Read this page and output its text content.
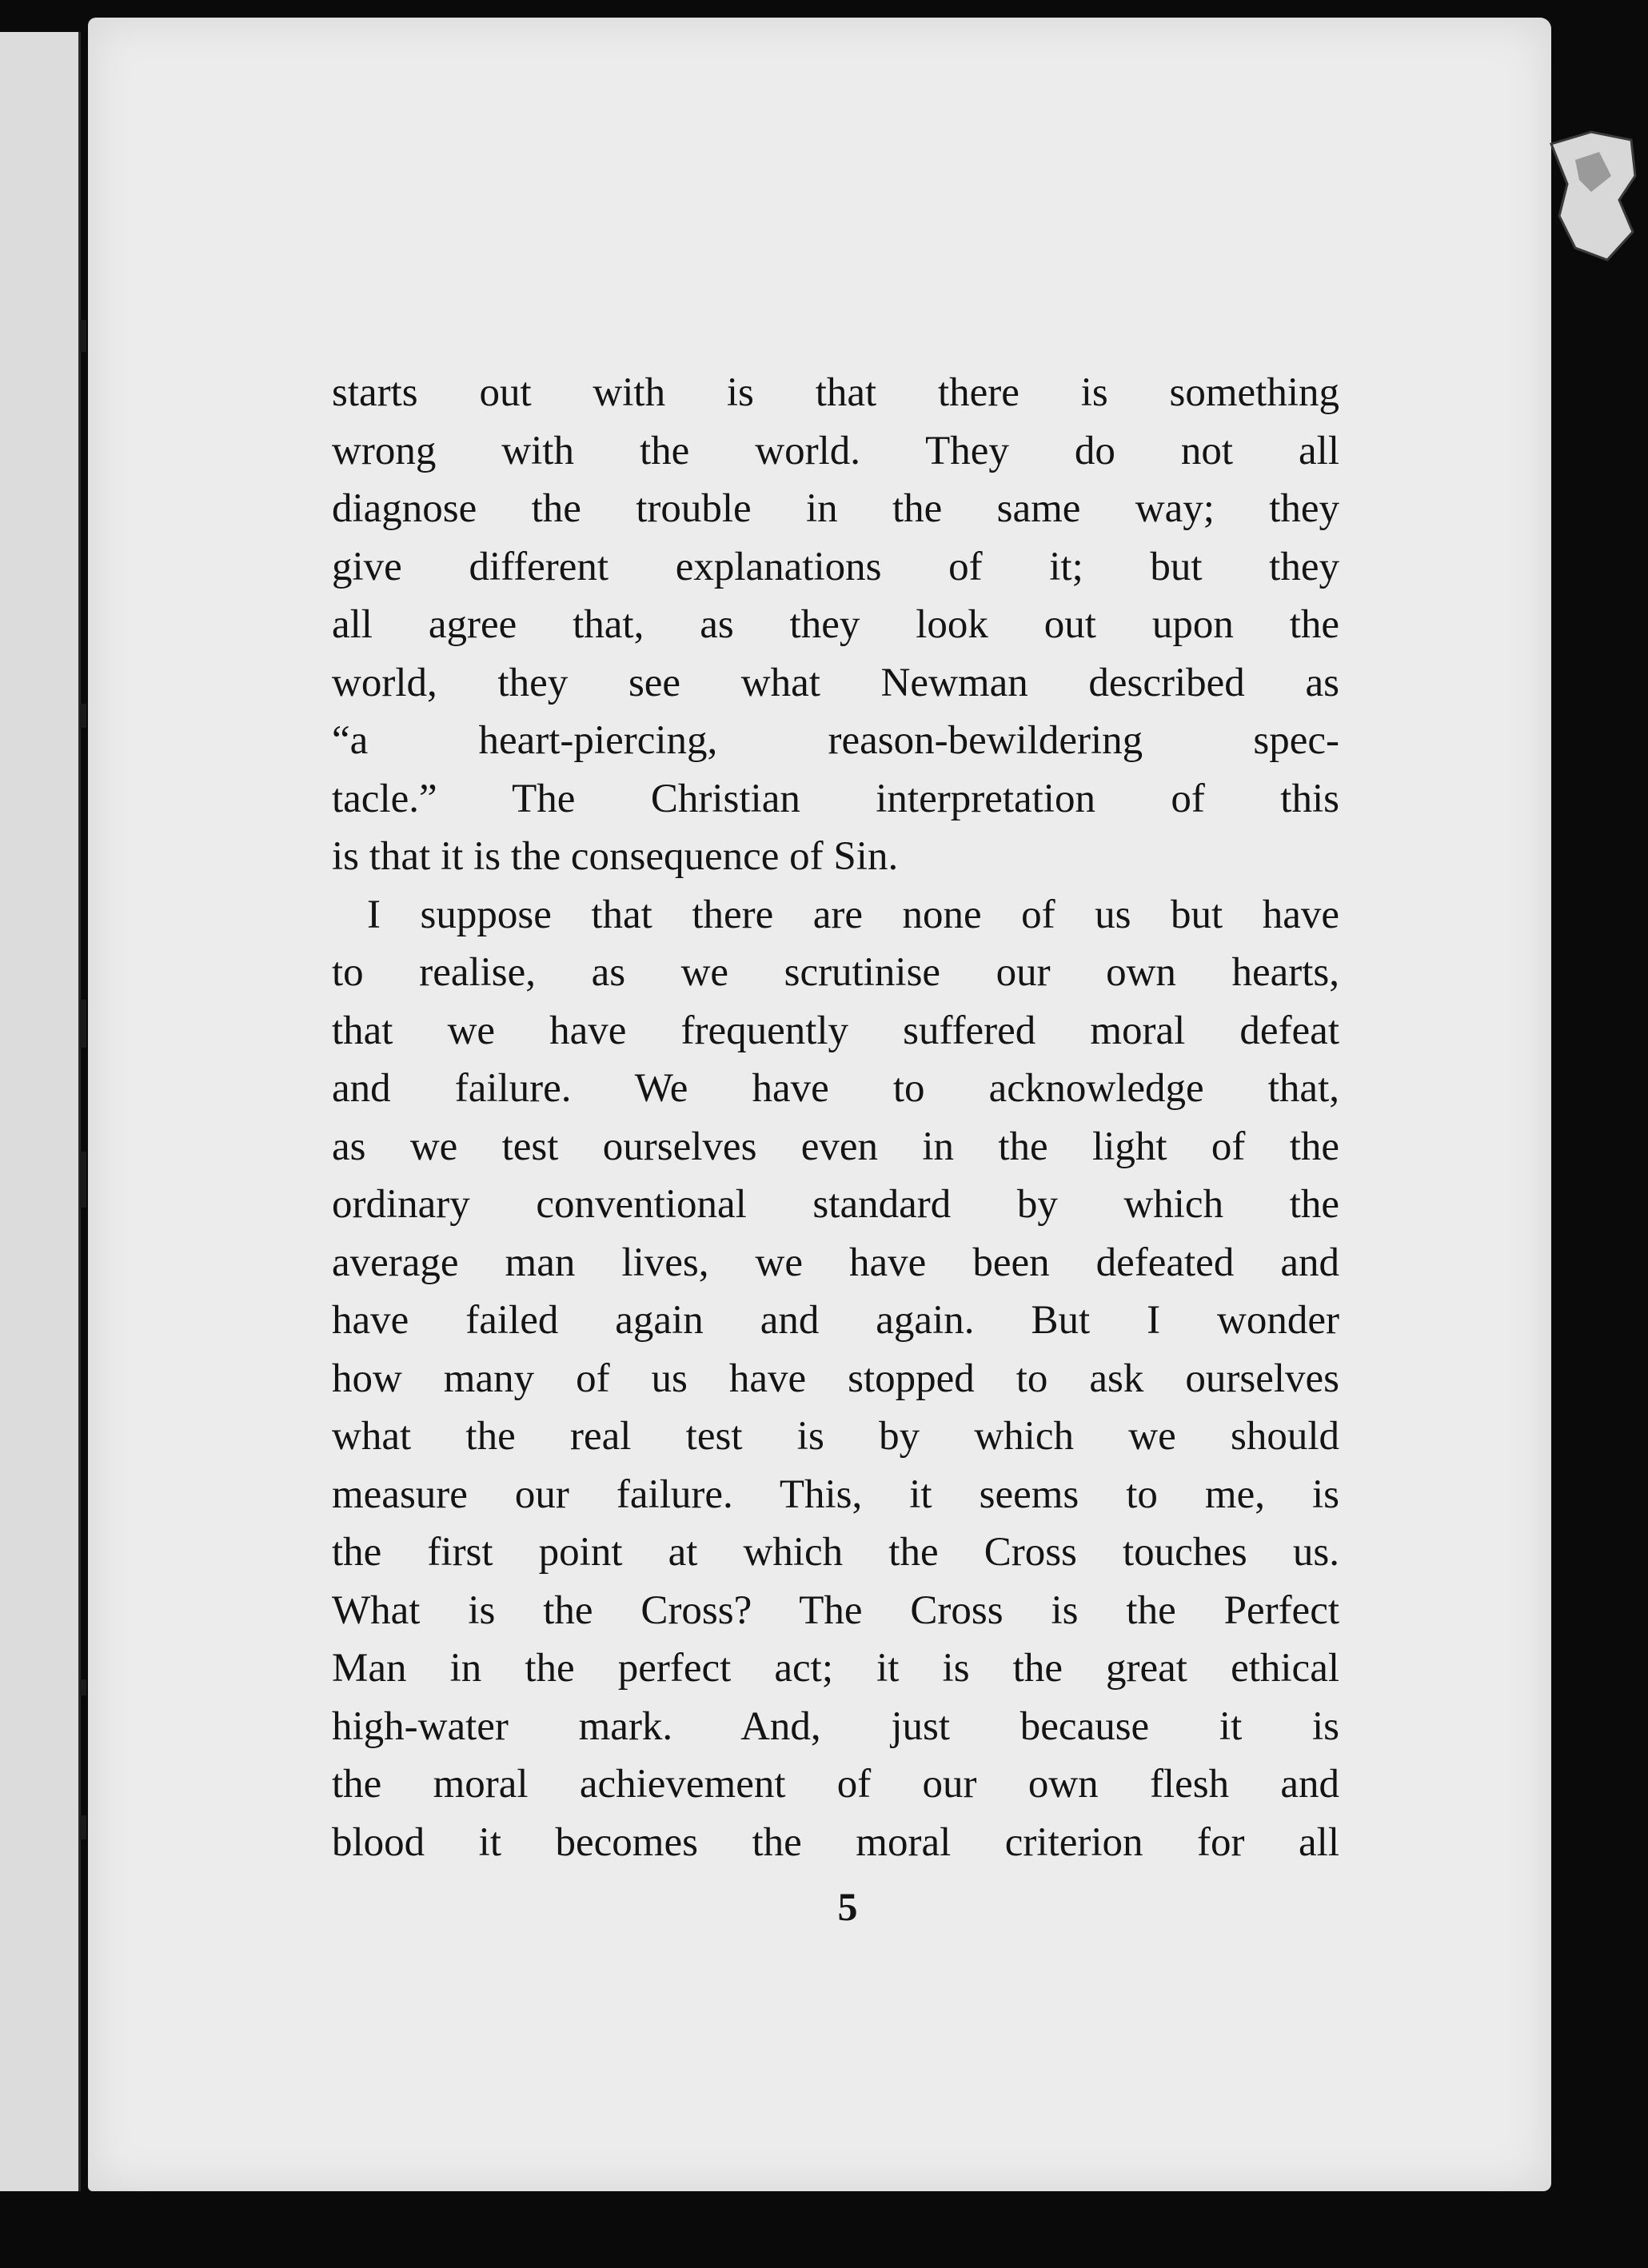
starts out with is that there is something
wrong with the world. They do not all
diagnose the trouble in the same way; they
give different explanations of it; but they
all agree that, as they look out upon the
world, they see what Newman described as
“a heart-piercing, reason-bewildering spec-
tacle.” The Christian interpretation of this
is that it is the consequence of Sin.
I suppose that there are none of us but have
to realise, as we scrutinise our own hearts,
that we have frequently suffered moral defeat
and failure. We have to acknowledge that,
as we test ourselves even in the light of the
ordinary conventional standard by which the
average man lives, we have been defeated and
have failed again and again. But I wonder
how many of us have stopped to ask ourselves
what the real test is by which we should
measure our failure. This, it seems to me, is
the first point at which the Cross touches us.
What is the Cross? The Cross is the Perfect
Man in the perfect act; it is the great ethical
high-water mark. And, just because it is
the moral achievement of our own flesh and
blood it becomes the moral criterion for all
5
